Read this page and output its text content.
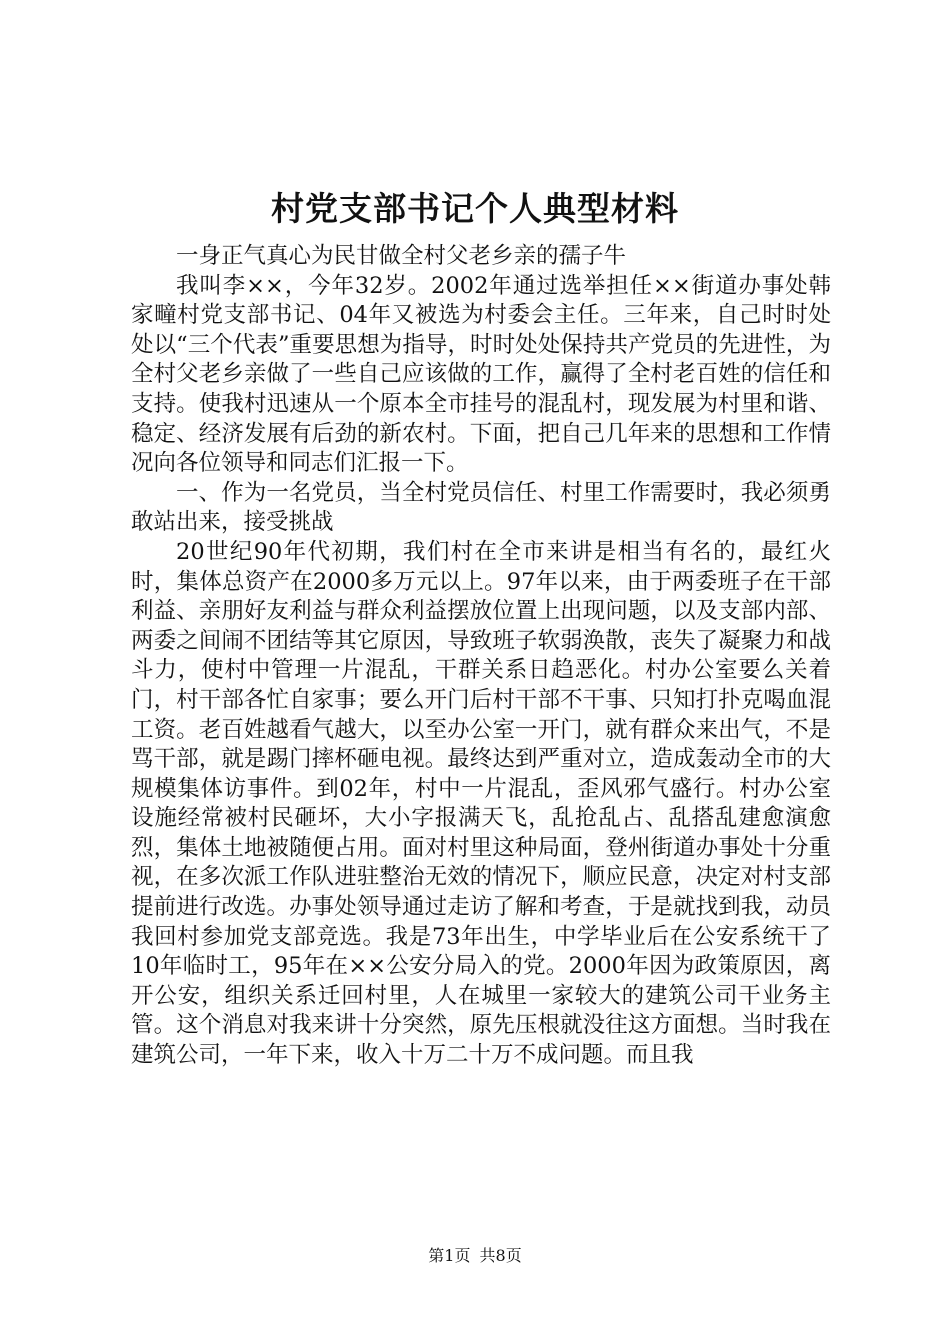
村党支部书记个人典型材料

一身正气真心为民甘做全村父老乡亲的孺子牛

我叫李××，今年32岁。2002年通过选举担任××街道办事处韩家疃村党支部书记、04年又被选为村委会主任。三年来，自己时时处处以“三个代表”重要思想为指导，时时处处保持共产党员的先进性，为全村父老乡亲做了一些自己应该做的工作，赢得了全村老百姓的信任和支持。使我村迅速从一个原本全市挂号的混乱村，现发展为村里和谐、稳定、经济发展有后劲的新农村。下面，把自己几年来的思想和工作情况向各位领导和同志们汇报一下。

一、作为一名党员，当全村党员信任、村里工作需要时，我必须勇敢站出来，接受挑战

20世纪90年代初期，我们村在全市来讲是相当有名的，最红火时，集体总资产在2000多万元以上。97年以来，由于两委班子在干部利益、亲朋好友利益与群众利益摆放位置上出现问题，以及支部内部、两委之间闹不团结等其它原因，导致班子软弱涣散，丧失了凝聚力和战斗力，使村中管理一片混乱，干群关系日趋恶化。村办公室要么关着门，村干部各忙自家事；要么开门后村干部不干事、只知打扑克喝血混工资。老百姓越看气越大，以至办公室一开门，就有群众来出气，不是骂干部，就是踢门摔杯砸电视。最终达到严重对立，造成轰动全市的大规模集体访事件。到02年，村中一片混乱，歪风邪气盛行。村办公室设施经常被村民砸坏，大小字报满天飞，乱抢乱占、乱搭乱建愈演愈烈，集体土地被随便占用。面对村里这种局面，登州街道办事处十分重视，在多次派工作队进驻整治无效的情况下，顺应民意，决定对村支部提前进行改选。办事处领导通过走访了解和考查，于是就找到我，动员我回村参加党支部竞选。我是73年出生，中学毕业后在公安系统干了10年临时工，95年在××公安分局入的党。2000年因为政策原因，离开公安，组织关系迁回村里，人在城里一家较大的建筑公司干业务主管。这个消息对我来讲十分突然，原先压根就没往这方面想。当时我在建筑公司，一年下来，收入十万二十万不成问题。而且我

第1页 共8页
